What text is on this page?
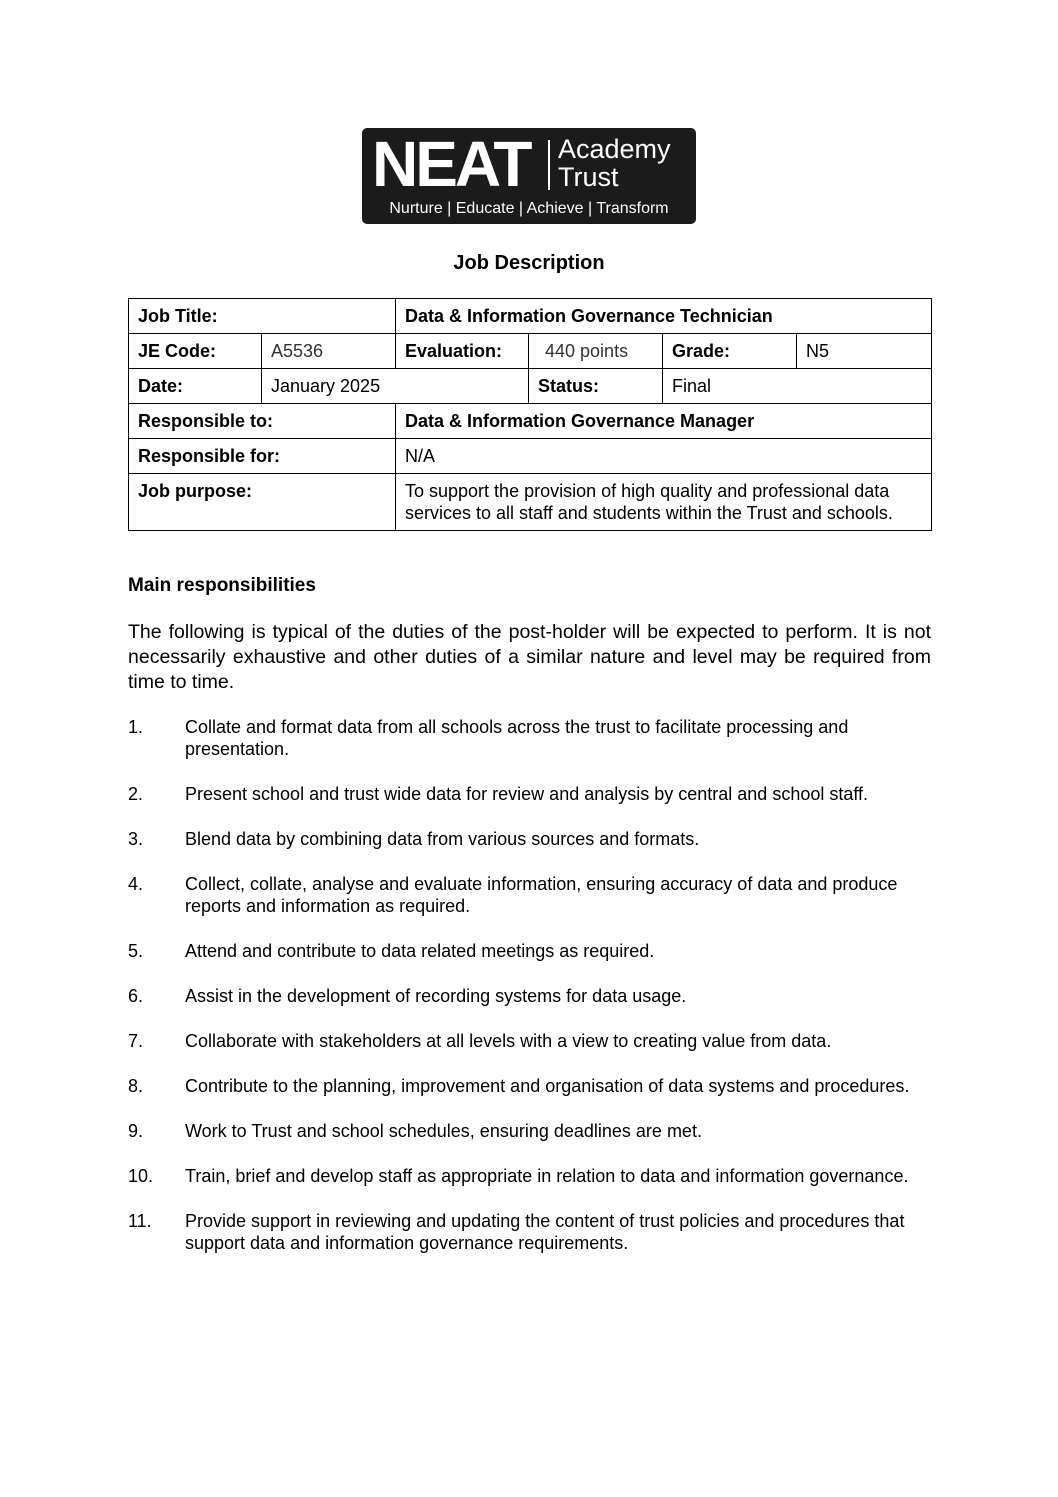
NEAT Academy
Trust
Nurture | Educate | Achieve | Transform
Job Description
Job Title:		Data & Information Governance Technician			
JE Code:	A5536	Evaluation:	440 points	Grade:	N5
Date:	January 2025		Status:	Final	
Responsible to:		Data & Information Governance Manager			
Responsible for:		N/A			
Job purpose:		To support the provision of high quality and professional data services to all staff and students within the Trust and schools.			
Main responsibilities
The following is typical of the duties of the post-holder will be expected to perform. It is not necessarily exhaustive and other duties of a similar nature and level may be required from time to time.
1. Collate and format data from all schools across the trust to facilitate processing and presentation.
2. Present school and trust wide data for review and analysis by central and school staff.
3. Blend data by combining data from various sources and formats.
4. Collect, collate, analyse and evaluate information, ensuring accuracy of data and produce reports and information as required.
5. Attend and contribute to data related meetings as required.
6. Assist in the development of recording systems for data usage.
7. Collaborate with stakeholders at all levels with a view to creating value from data.
8. Contribute to the planning, improvement and organisation of data systems and procedures.
9. Work to Trust and school schedules, ensuring deadlines are met.
10. Train, brief and develop staff as appropriate in relation to data and information governance.
11. Provide support in reviewing and updating the content of trust policies and procedures that support data and information governance requirements.
